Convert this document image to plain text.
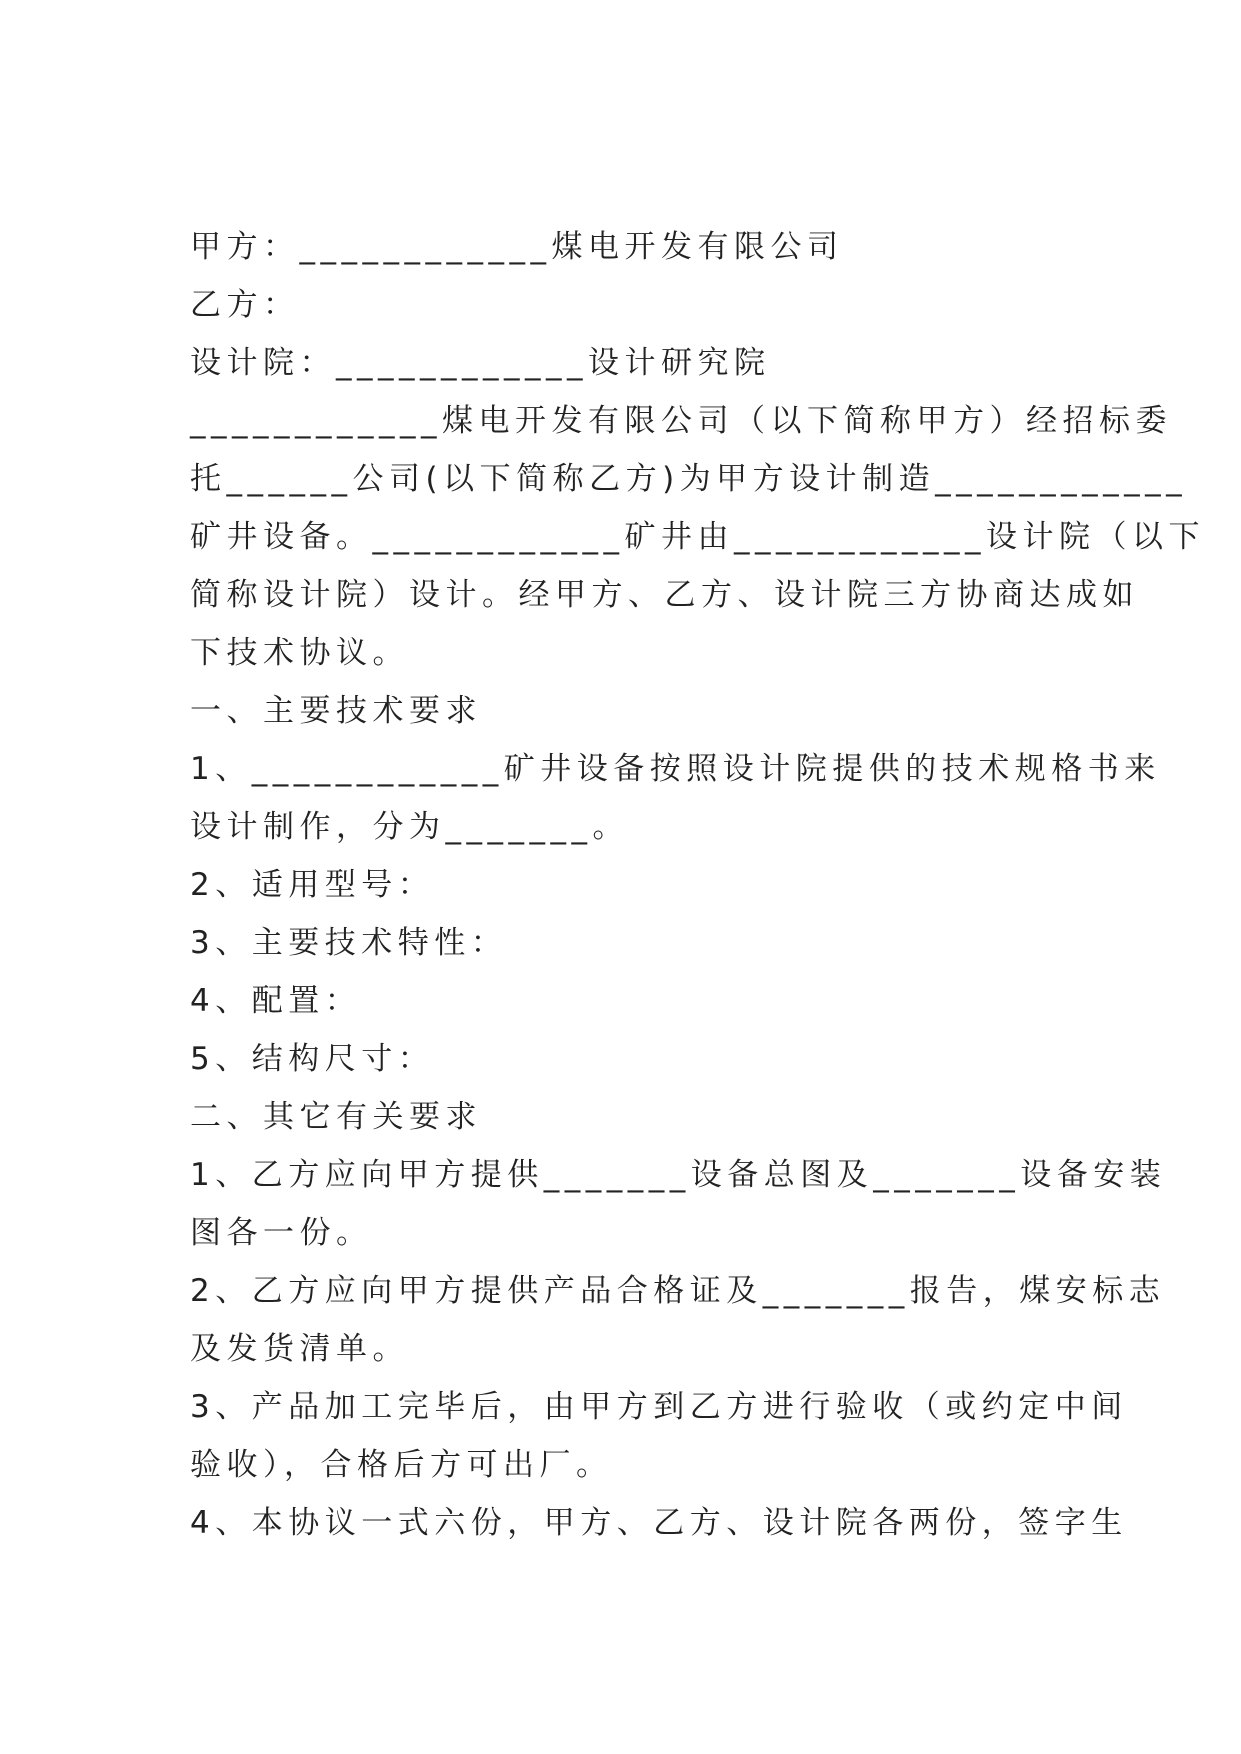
甲方：____________煤电开发有限公司
乙方：
设计院：____________设计研究院
____________煤电开发有限公司（以下简称甲方）经招标委
托______公司(以下简称乙方)为甲方设计制造____________
矿井设备。____________矿井由____________设计院（以下
简称设计院）设计。经甲方、乙方、设计院三方协商达成如
下技术协议。
一、主要技术要求
1、____________矿井设备按照设计院提供的技术规格书来
设计制作，分为_______。
2、适用型号：
3、主要技术特性：
4、配置：
5、结构尺寸：
二、其它有关要求
1、乙方应向甲方提供_______设备总图及_______设备安装
图各一份。
2、乙方应向甲方提供产品合格证及_______报告，煤安标志
及发货清单。
3、产品加工完毕后，由甲方到乙方进行验收（或约定中间
验收），合格后方可出厂。
4、本协议一式六份，甲方、乙方、设计院各两份，签字生
